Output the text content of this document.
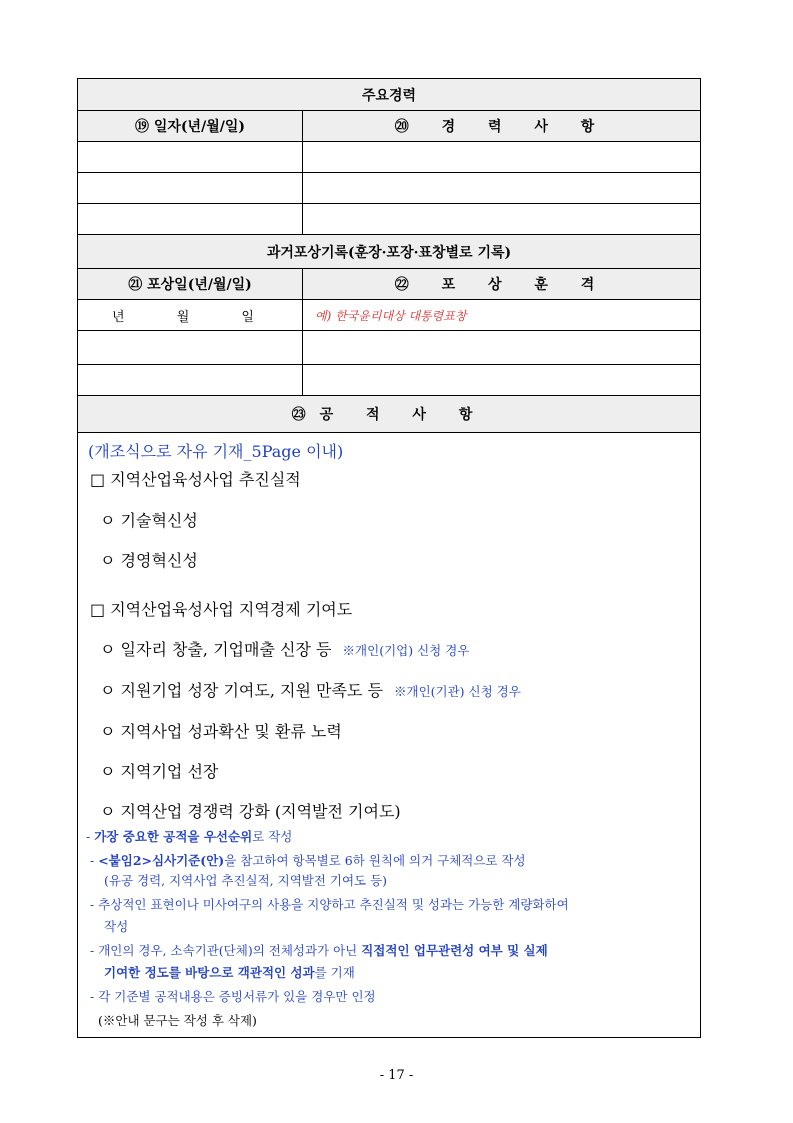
주요경력
⑲ 일자(년/월/일)	⑳ 경 력 사 항
과거포상기록(훈장·포장·표창별로 기록)
㉑ 포상일(년/월/일)	㉒ 포 상 훈 격
년 월 일	예) 한국윤리대상 대통령표창
㉓공 적 사 항
(개조식으로 자유 기재_5Page 이내)
□ 지역산업육성사업 추진실적
ㅇ 기술혁신성
ㅇ 경영혁신성
□ 지역산업육성사업 지역경제 기여도
ㅇ 일자리 창출, 기업매출 신장 등 ※개인(기업) 신청 경우
ㅇ 지원기업 성장 기여도, 지원 만족도 등 ※개인(기관) 신청 경우
ㅇ 지역사업 성과확산 및 환류 노력
ㅇ 지역기업 선장
ㅇ 지역산업 경쟁력 강화 (지역발전 기여도)
- 가장 중요한 공적을 우선순위로 작성
- <붙임2>심사기준(안)을 참고하여 항목별로 6하 원칙에 의거 구체적으로 작성
(유공 경력, 지역사업 추진실적, 지역발전 기여도 등)
- 추상적인 표현이나 미사여구의 사용을 지양하고 추진실적 및 성과는 가능한 계량화하여
작성
- 개인의 경우, 소속기관(단체)의 전체성과가 아닌 직접적인 업무관련성 여부 및 실제
기여한 정도를 바탕으로 객관적인 성과를 기재
- 각 기준별 공적내용은 증빙서류가 있을 경우만 인정
(※안내 문구는 작성 후 삭제)
- 17 -
